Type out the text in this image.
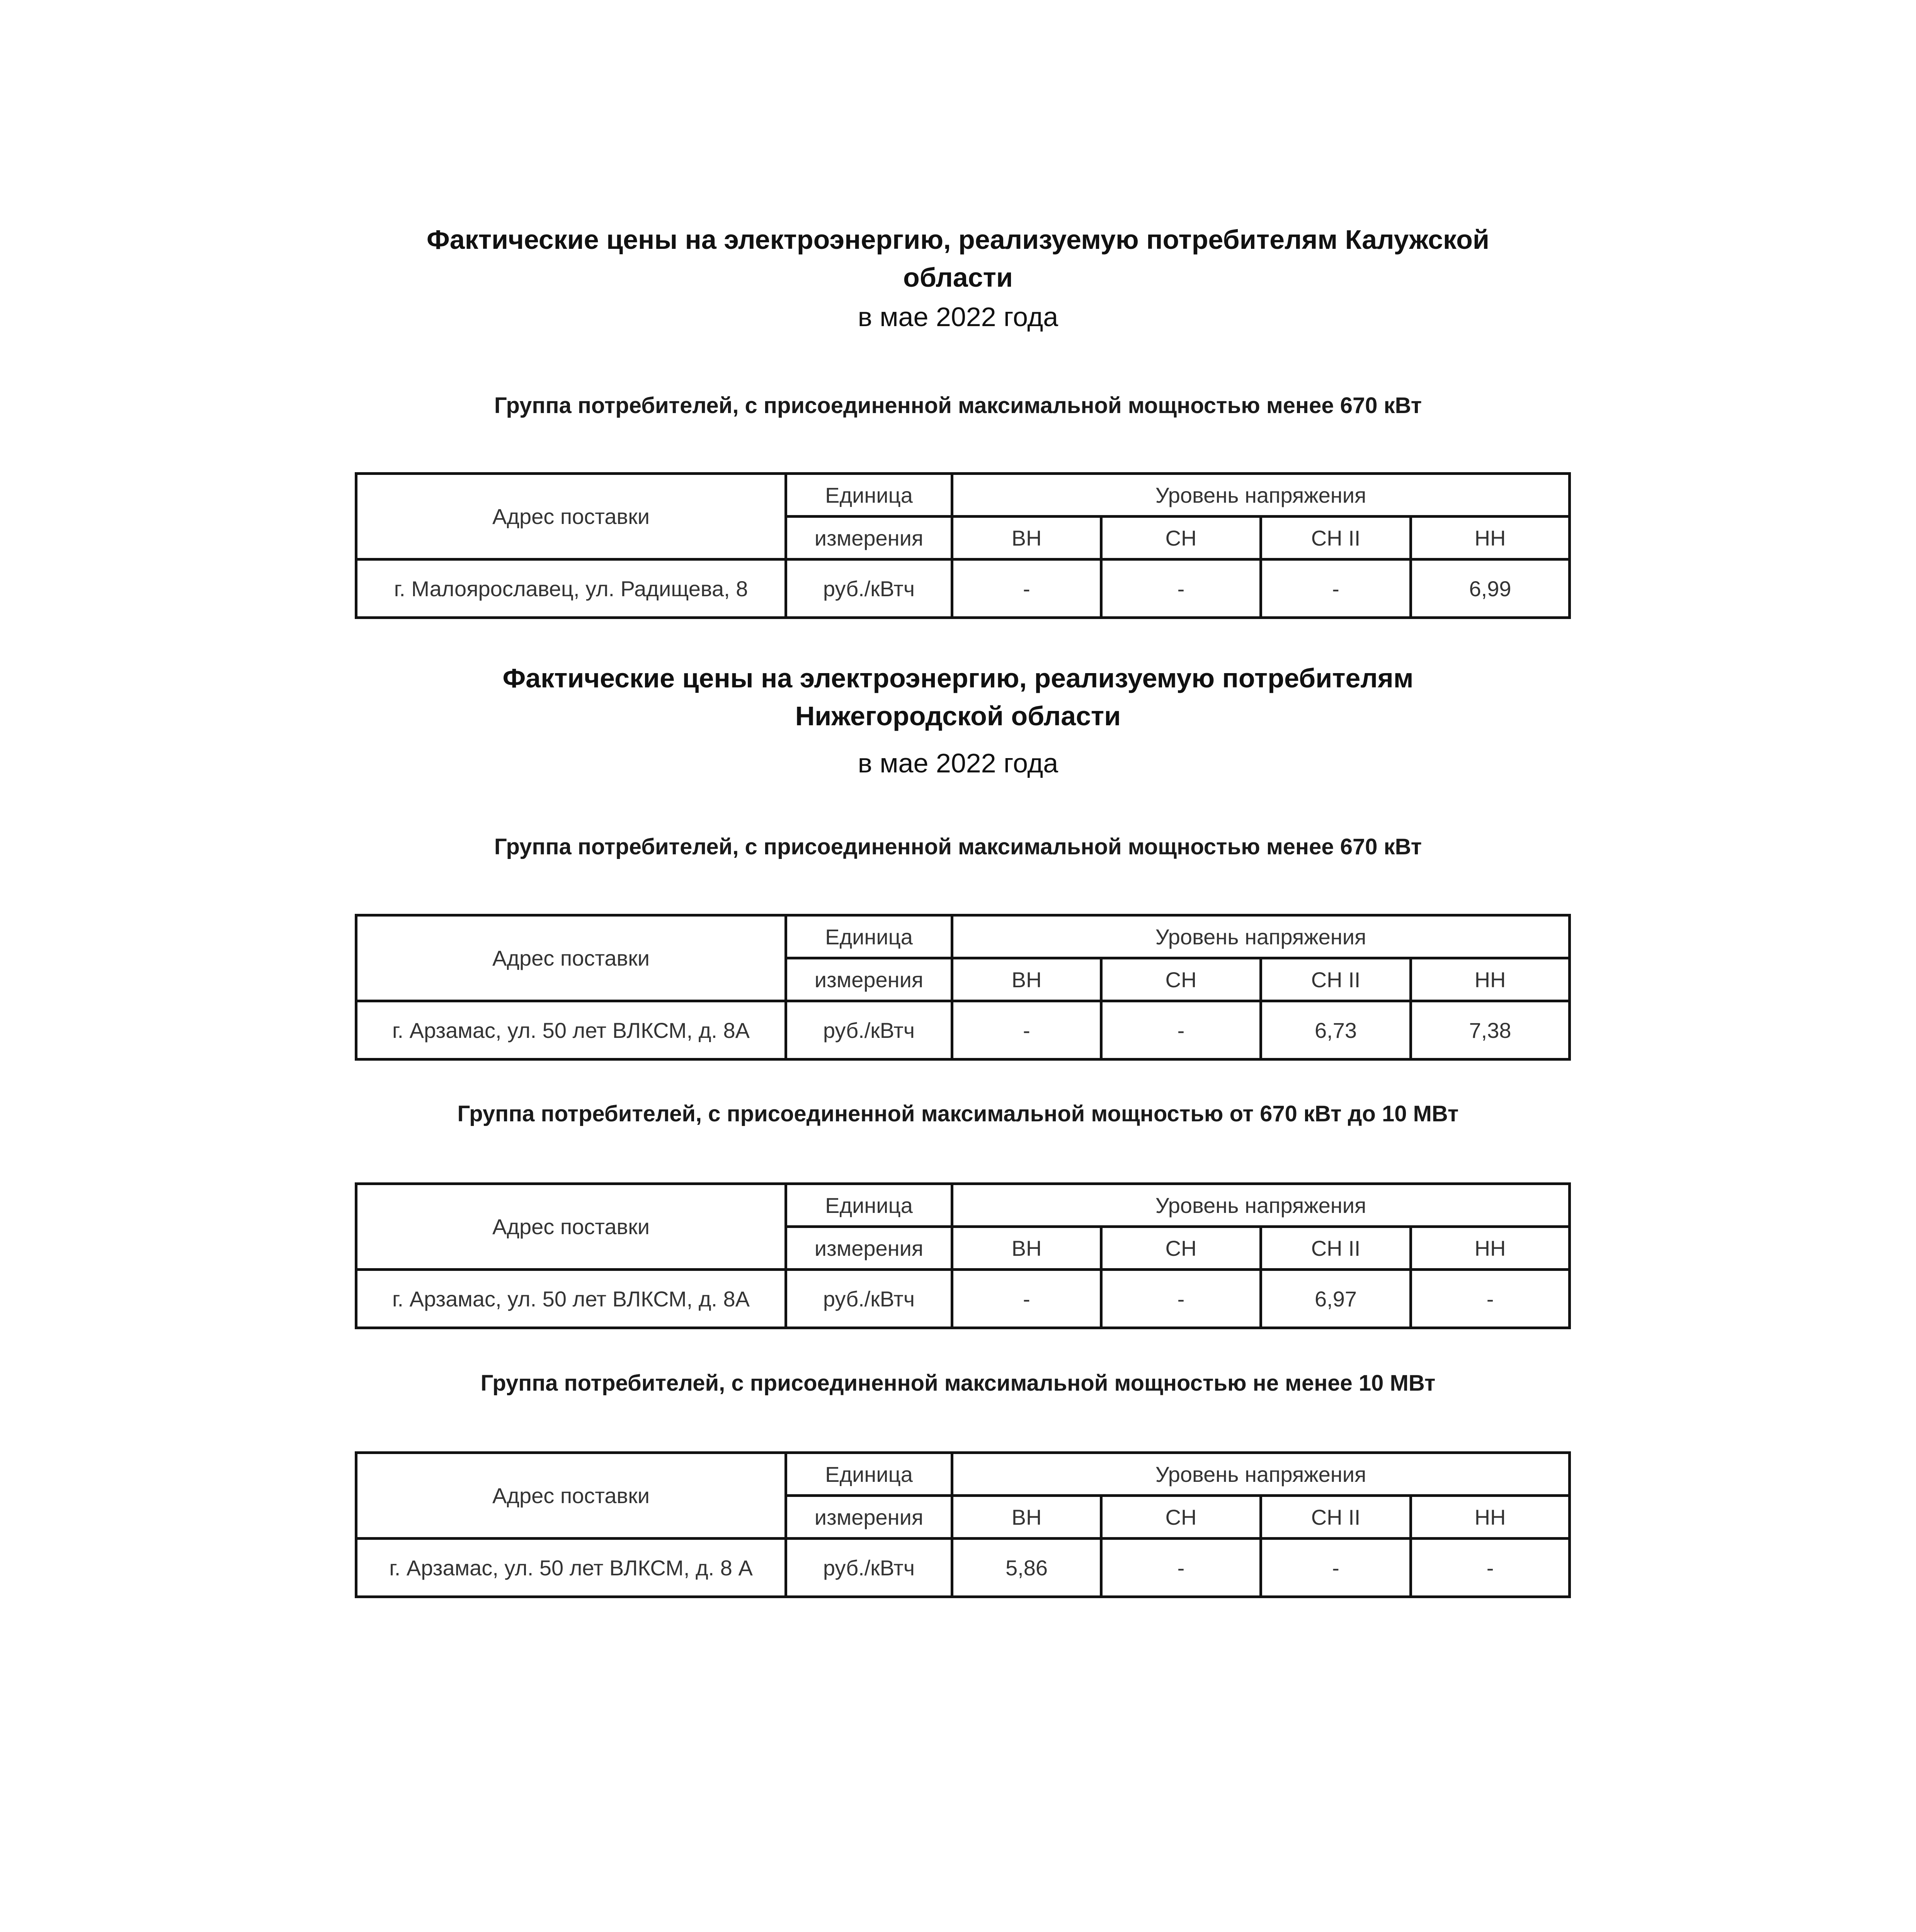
Фактические цены на электроэнергию, реализуемую потребителям Калужской
области
в мае 2022 года
Группа потребителей, с присоединенной максимальной мощностью менее 670 кВт
Адрес поставки	Единица	Уровень напряжения			
	измерения	ВН	СН	СН II	НН
г. Малоярославец, ул. Радищева, 8	руб./кВтч	-	-	-	6,99
Фактические цены на электроэнергию, реализуемую потребителям
Нижегородской области
в мае 2022 года
Группа потребителей, с присоединенной максимальной мощностью менее 670 кВт
Адрес поставки	Единица	Уровень напряжения			
	измерения	ВН	СН	СН II	НН
г. Арзамас, ул. 50 лет ВЛКСМ, д. 8А	руб./кВтч	-	-	6,73	7,38
Группа потребителей, с присоединенной максимальной мощностью от 670 кВт до 10 МВт
Адрес поставки	Единица	Уровень напряжения			
	измерения	ВН	СН	СН II	НН
г. Арзамас, ул. 50 лет ВЛКСМ, д. 8А	руб./кВтч	-	-	6,97	-
Группа потребителей, с присоединенной максимальной мощностью не менее 10 МВт
Адрес поставки	Единица	Уровень напряжения			
	измерения	ВН	СН	СН II	НН
г. Арзамас, ул. 50 лет ВЛКСМ, д. 8 А	руб./кВтч	5,86	-	-	-
